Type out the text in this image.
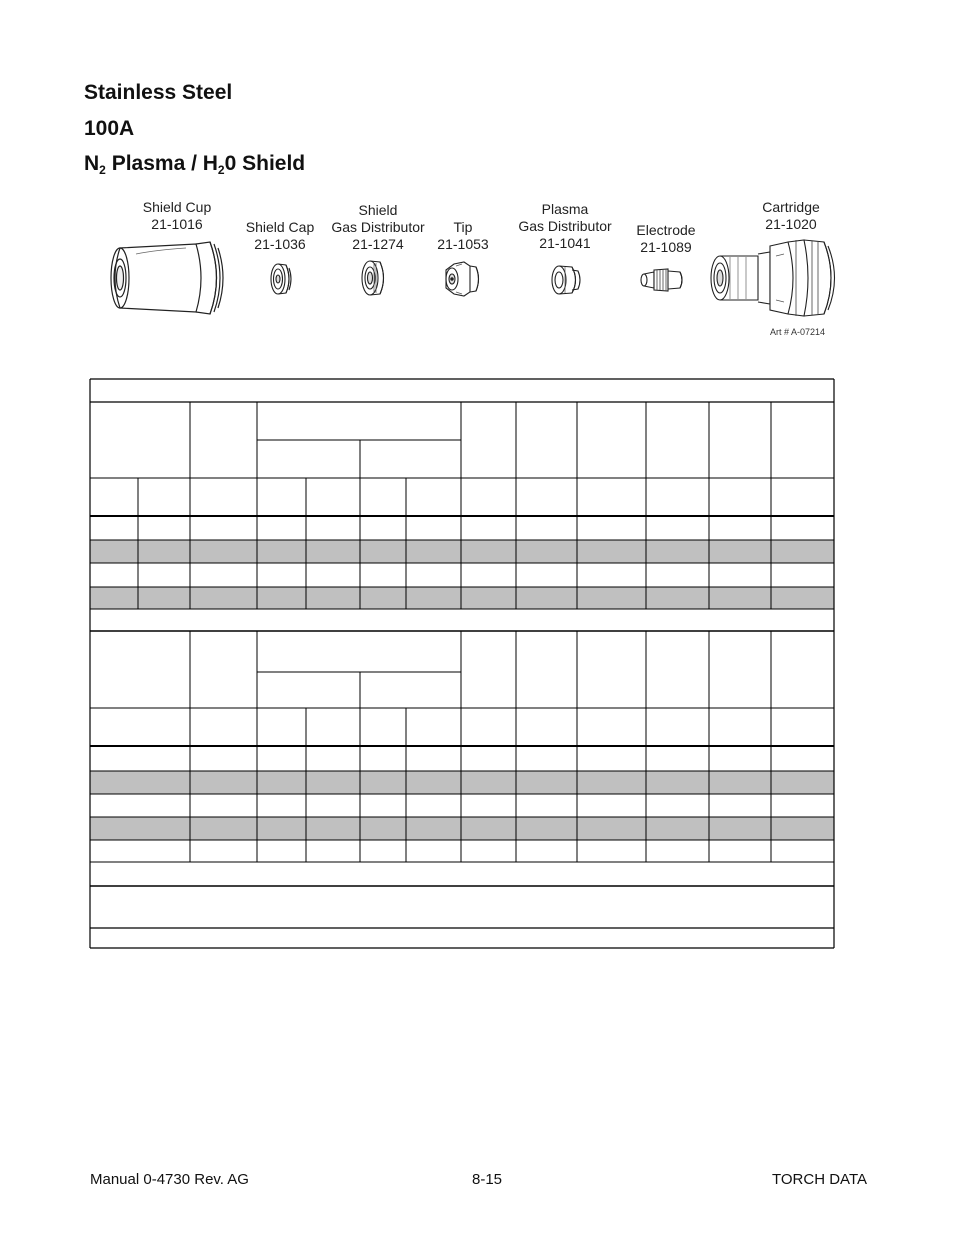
Stainless Steel
100A
$N_2$ Plasma / $H_20$ Shield
Shield Cup
21-1016	Shield Cap
21-1036
Shield
Gas Distributor
21-1274
Tip
21-1053
Plasma
Gas Distributor
21-1041
Electrode
21-1089
Cartridge
21-1020
Art # A-07214
Manual 0-4730 Rev. AG	8-15	TORCH DATA
